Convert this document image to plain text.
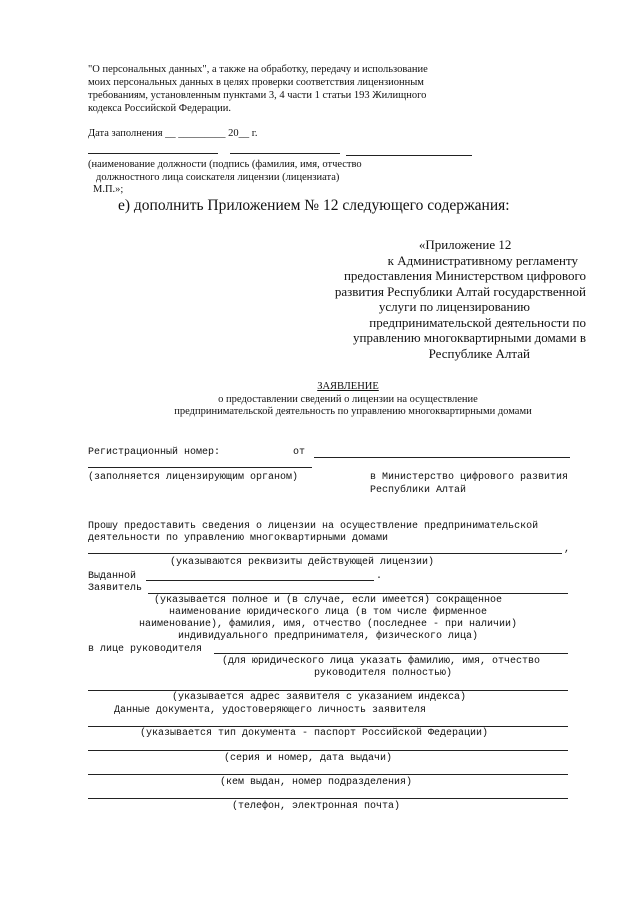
"О персональных данных", а также на обработку, передачу и использование
моих персональных данных в целях проверки соответствия лицензионным
требованиям, установленным пунктами 3, 4 части 1 статьи 193 Жилищного
кодекса Российской Федерации.
Дата заполнения __ _________ 20__ г.
(наименование должности (подпись (фамилия, имя, отчество
должностного лица соискателя лицензии (лицензиата)
М.П.»;
е) дополнить Приложением № 12 следующего содержания:
«Приложение 12
к Административному регламенту
предоставления Министерством цифрового
развития Республики Алтай государственной
услуги по лицензированию
предпринимательской деятельности по
управлению многоквартирными домами в
Республике Алтай
ЗАЯВЛЕНИЕ
о предоставлении сведений о лицензии на осуществление
предпринимательской деятельность по управлению многоквартирными домами
Регистрационный номер:	от
(заполняется лицензирующим органом)	в Министерство цифрового развития
Республики Алтай
Прошу предоставить сведения о лицензии на осуществление предпринимательской
деятельности по управлению многоквартирными домами
,
(указываются реквизиты действующей лицензии)
Выданной	.
Заявитель
(указывается полное и (в случае, если имеется) сокращенное
наименование юридического лица (в том числе фирменное
наименование), фамилия, имя, отчество (последнее - при наличии)
индивидуального предпринимателя, физического лица)
в лице руководителя
(для юридического лица указать фамилию, имя, отчество
руководителя полностью)
(указывается адрес заявителя с указанием индекса)
Данные документа, удостоверяющего личность заявителя
(указывается тип документа - паспорт Российской Федерации)
(серия и номер, дата выдачи)
(кем выдан, номер подразделения)
(телефон, электронная почта)
